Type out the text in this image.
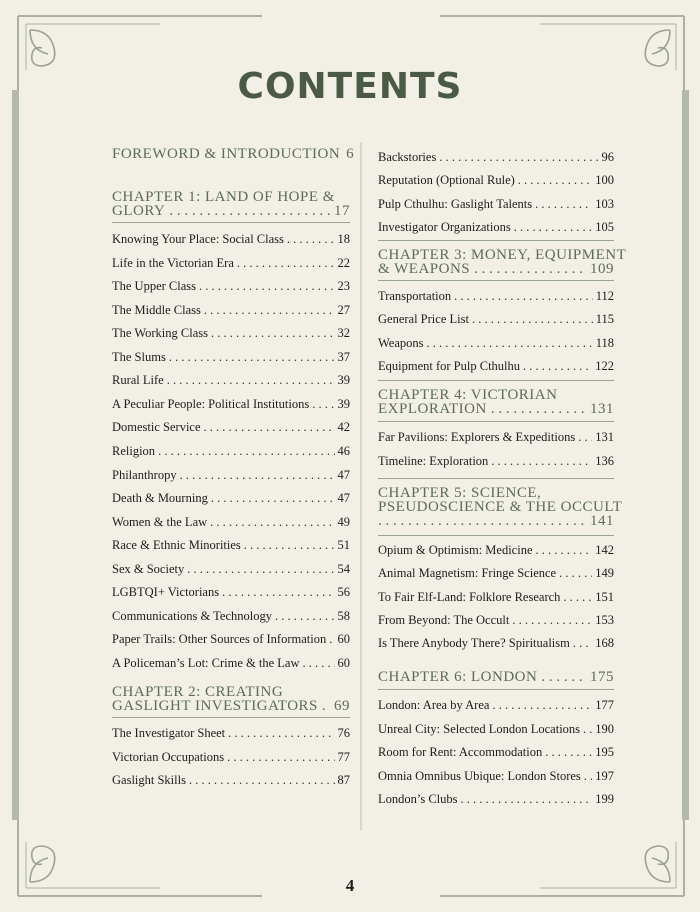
CONTENTS
FOREWORD & INTRODUCTION 6
CHAPTER 1: LAND OF HOPE &
GLORY . . .	17
Knowing Your Place: Social Class . . .	18
Life in the Victorian Era . . .	22
The Upper Class . . .	23
The Middle Class . . .	27
The Working Class . . .	32
The Slums . . .	37
Rural Life . . .	39
A Peculiar People: Political Institutions . . . 39
Domestic Service . . .	42
Religion . . .	46
Philanthropy . . .	47
Death & Mourning . . .	47
Women & the Law . . .	49
Race & Ethnic Minorities . . .	51
Sex & Society . . .	54
LGBTQI+ Victorians . . .	56
Communications & Technology . . .	58
Paper Trails: Other Sources of Information . . . 60
A Policeman’s Lot: Crime & the Law . . .	60
CHAPTER 2: CREATING
GASLIGHT INVESTIGATORS . . . 69
The Investigator Sheet . . .	76
Victorian Occupations . . .	77
Gaslight Skills . . .	87
Backstories . . .	96
Reputation (Optional Rule) . . .	100
Pulp Cthulhu: Gaslight Talents . . .	103
Investigator Organizations . . .	105
CHAPTER 3: MONEY, EQUIPMENT
& WEAPONS . . .	109
Transportation . . .	112
General Price List . . .	115
Weapons . . .	118
Equipment for Pulp Cthulhu . . .	122
CHAPTER 4: VICTORIAN
EXPLORATION . . .	131
Far Pavilions: Explorers & Expeditions . . . 131
Timeline: Exploration . . .	136
CHAPTER 5: SCIENCE,
PSEUDOSCIENCE & THE OCCULT
. . .
141
Opium & Optimism: Medicine . . .	142
Animal Magnetism: Fringe Science . . .	149
To Fair Elf-Land: Folklore Research . . .	151
From Beyond: The Occult . . .	153
Is There Anybody There? Spiritualism . . . 168
CHAPTER 6: LONDON . . .	175
London: Area by Area . . .	177
Unreal City: Selected London Locations . . . 190
Room for Rent: Accommodation . . .	195
Omnia Omnibus Ubique: London Stores . . . 197
London’s Clubs . . .	199
4
